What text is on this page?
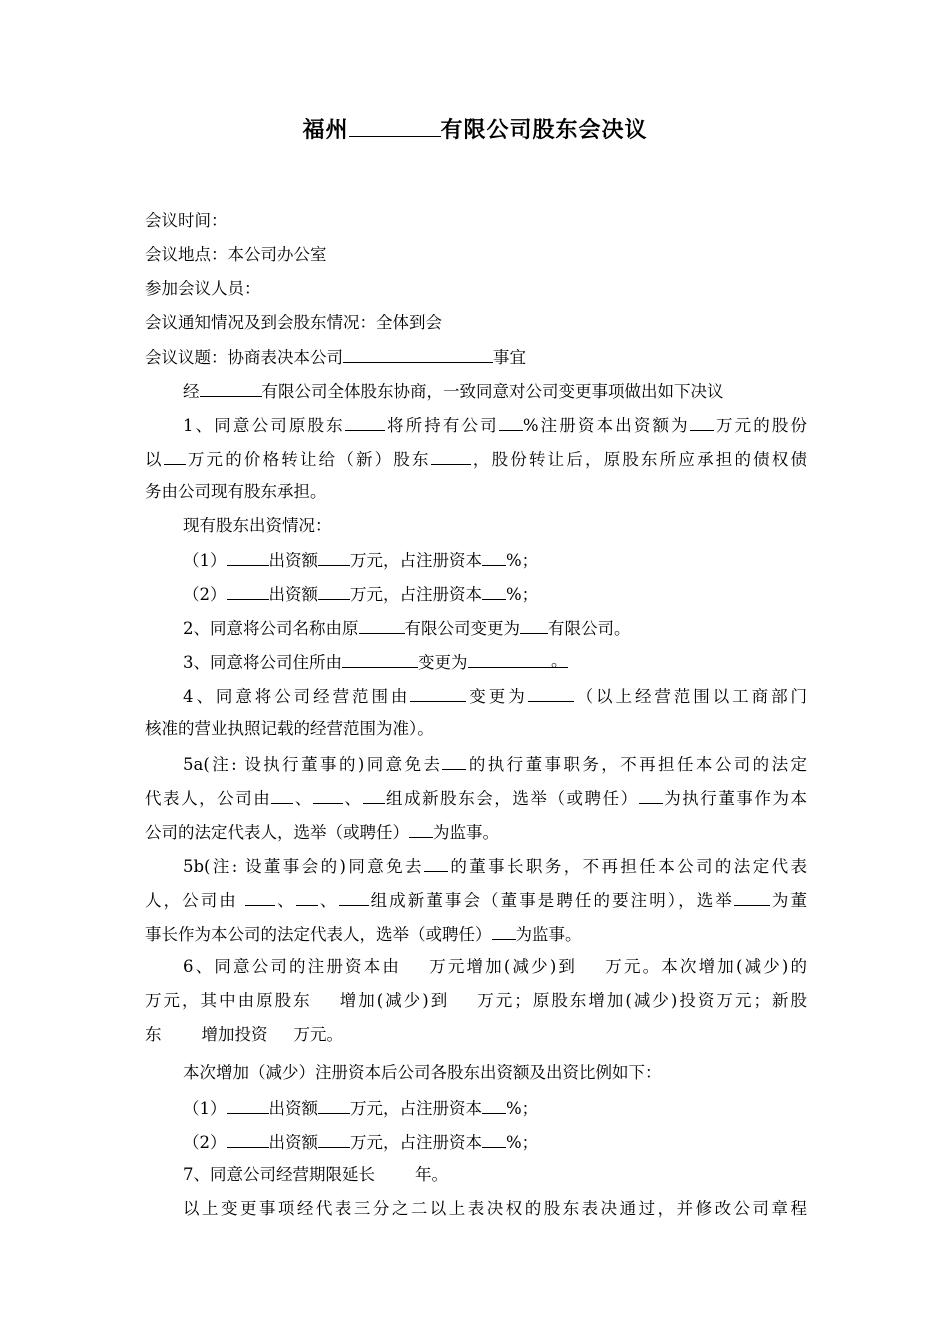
福州	有限公司股东会决议
会议时间：
会议地点：本公司办公室
参加会议人员：
会议通知情况及到会股东情况：全体到会
会议议题：协商表决本公司	事宜
经	有限公司全体股东协商，一致同意对公司变更事项做出如下决议
1、同意公司原股东 将所持有公司 %注册资本出资额为 万元的股份
以 万元的价格转让给（新）股东 ，股份转让后，原股东所应承担的债权债
务由公司现有股东承担。
现有股东出资情况：
（1）	出资额 万元，占注册资本 %；
（2）	出资额 万元，占注册资本 %；
2、同意将公司名称由原	有限公司变更为 有限公司。
3、同意将公司住所由	变更为	。
4、同意将公司经营范围由	变更为	（以上经营范围以工商部门
核准的营业执照记载的经营范围为准）。
5a(注: 设执行董事的)同意免去 的执行董事职务，不再担任本公司的法定
代表人，公司由 、 、 组成新股东会，选举（或聘任） 为执行董事作为本
公司的法定代表人，选举（或聘任） 为监事。
5b(注: 设董事会的)同意免去 的董事长职务，不再担任本公司的法定代表
人，公司由 、 、 组成新董事会（董事是聘任的要注明），选举 为董
事长作为本公司的法定代表人，选举（或聘任） 为监事。
6、同意公司的注册资本由 万元增加(减少)到 万元。本次增加(减少)的
万元，其中由原股东 增加(减少)到 万元；原股东增加(减少)投资万元；新股
东 增加投资 万元。
本次增加（减少）注册资本后公司各股东出资额及出资比例如下：
（1）	出资额 万元，占注册资本 %；
（2）	出资额 万元，占注册资本 %；
7、同意公司经营期限延长 年。
以上变更事项经代表三分之二以上表决权的股东表决通过，并修改公司章程
